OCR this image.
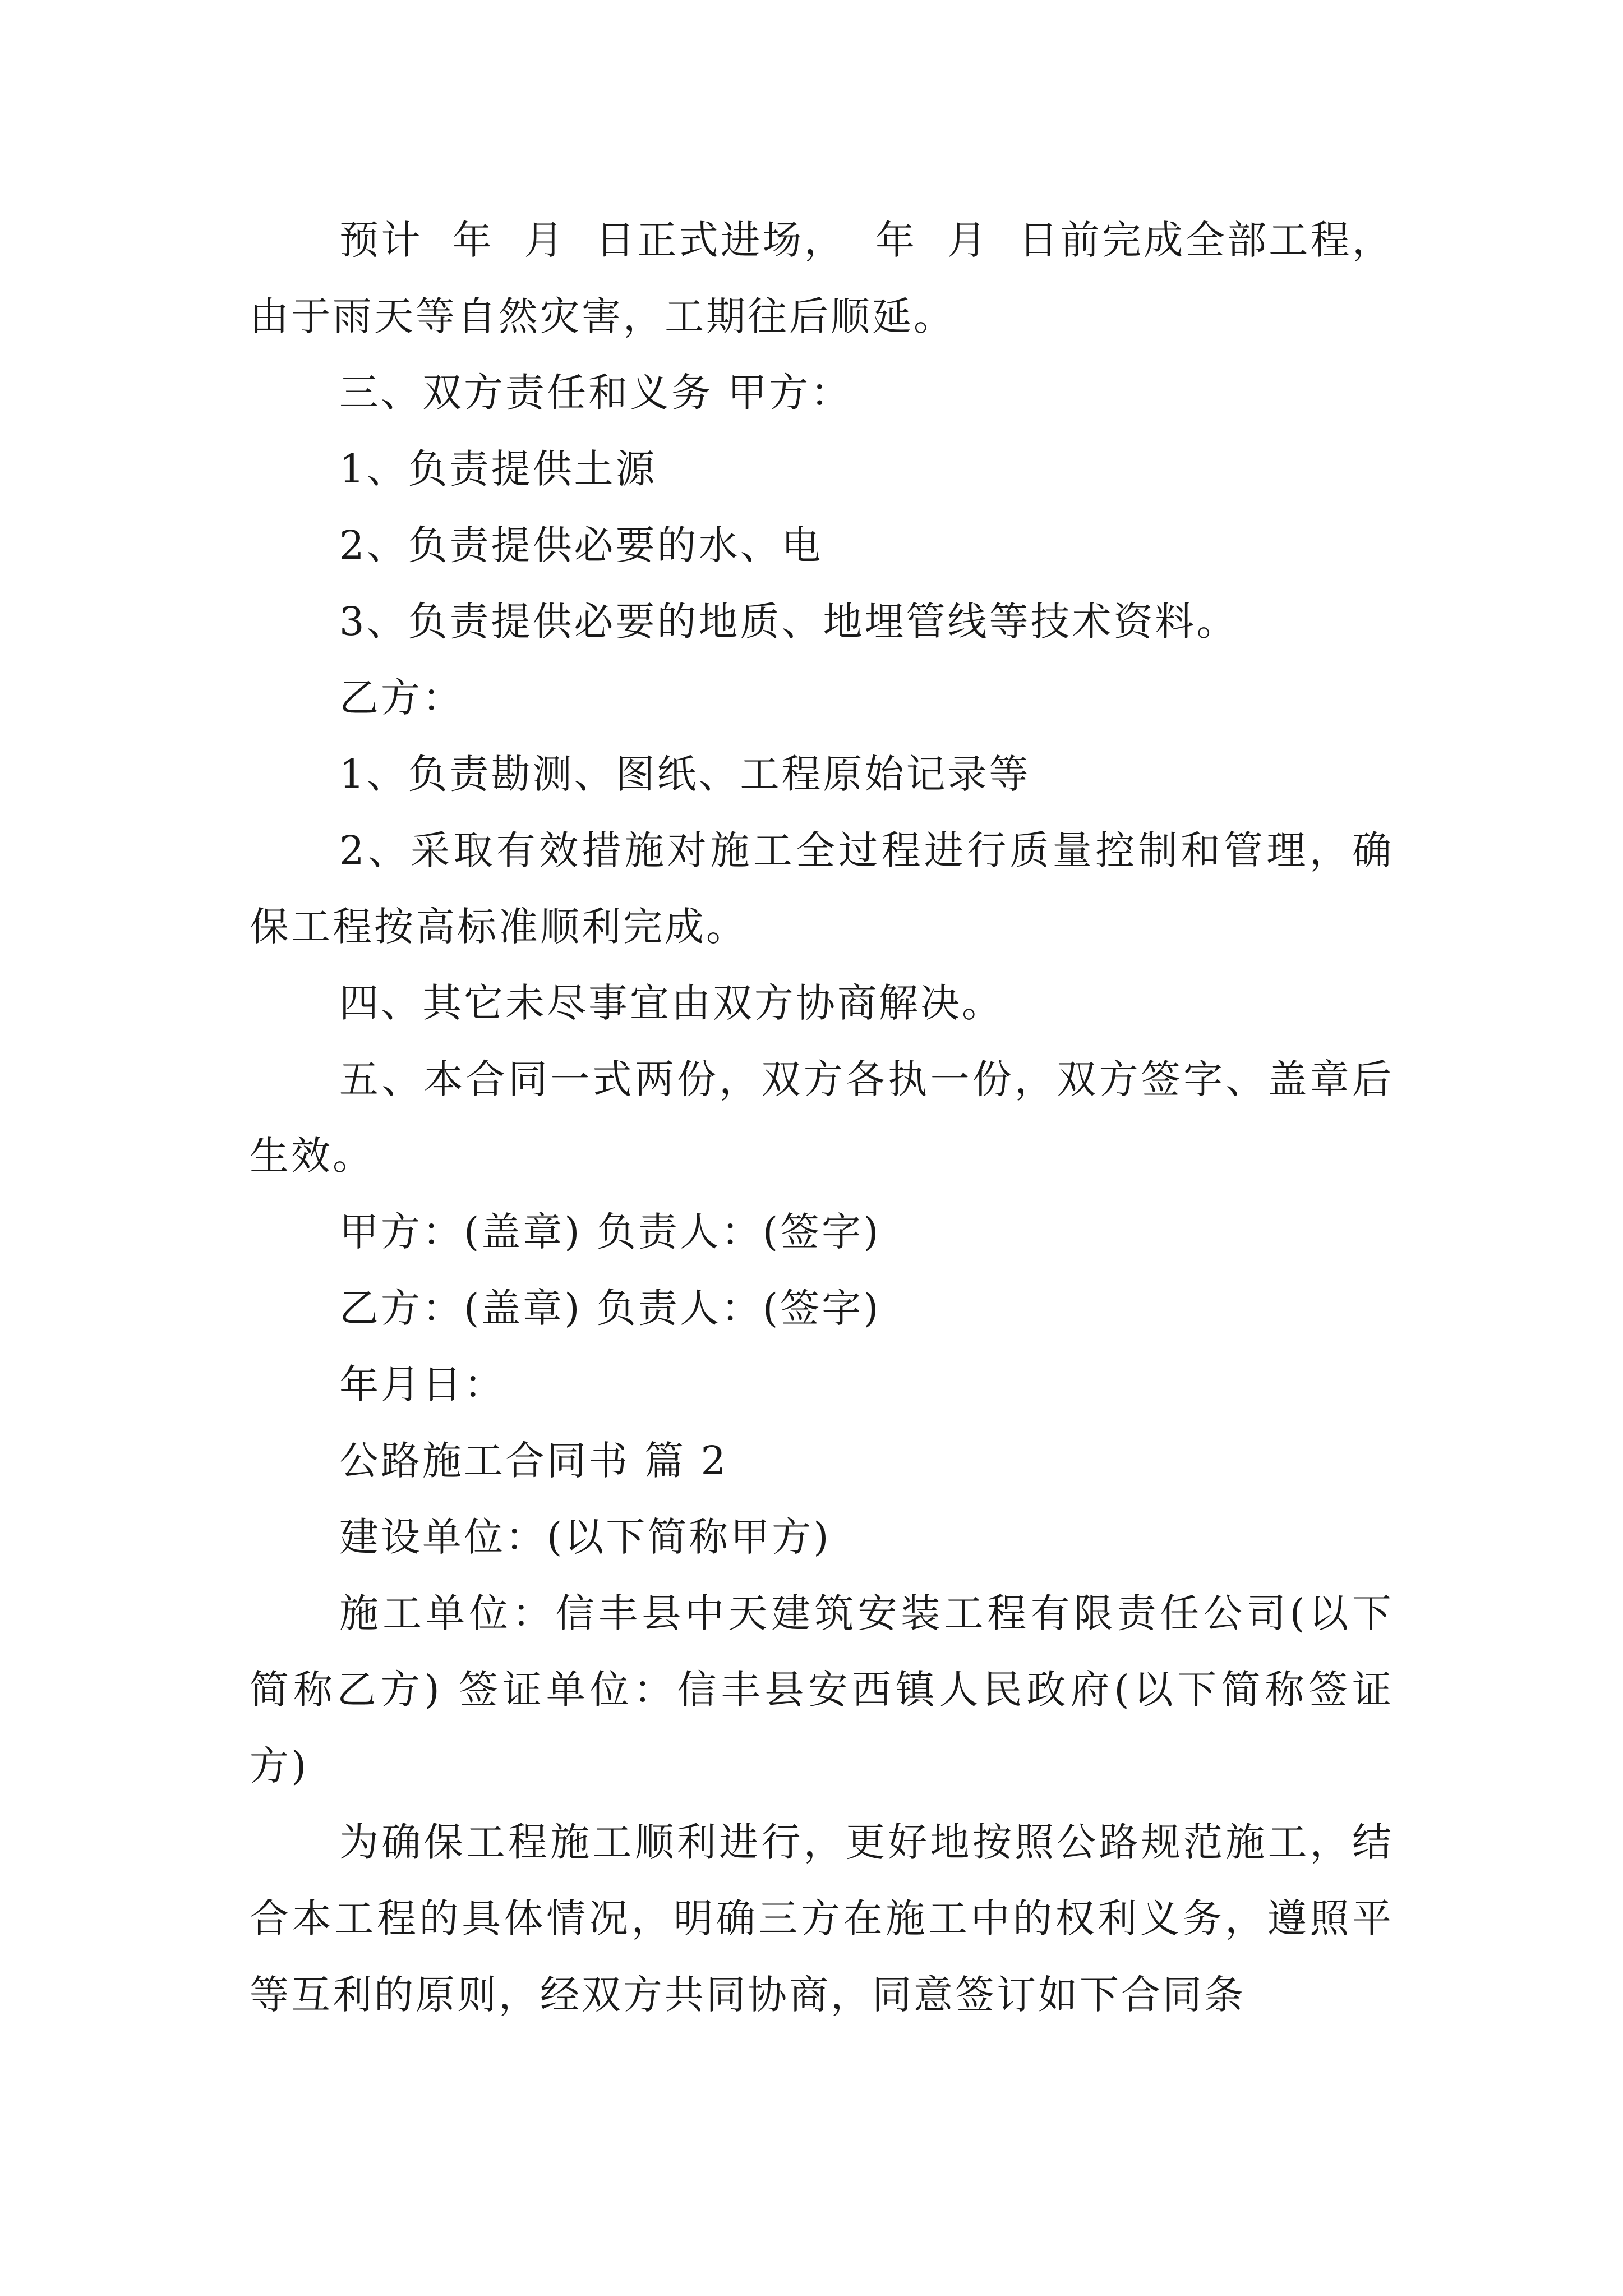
预计  年  月  日正式进场，  年  月  日前完成全部工程，由于雨天等自然灾害，工期往后顺延。

三、双方责任和义务 甲方：

1、负责提供土源

2、负责提供必要的水、电

3、负责提供必要的地质、地埋管线等技术资料。

乙方：

1、负责勘测、图纸、工程原始记录等

2、采取有效措施对施工全过程进行质量控制和管理，确保工程按高标准顺利完成。

四、其它未尽事宜由双方协商解决。

五、本合同一式两份，双方各执一份，双方签字、盖章后生效。

甲方：(盖章) 负责人：(签字)

乙方：(盖章) 负责人：(签字)

年月日：

公路施工合同书 篇 2

建设单位：(以下简称甲方)

施工单位：信丰县中天建筑安装工程有限责任公司(以下简称乙方) 签证单位：信丰县安西镇人民政府(以下简称签证方)

为确保工程施工顺利进行，更好地按照公路规范施工，结合本工程的具体情况，明确三方在施工中的权利义务，遵照平等互利的原则，经双方共同协商，同意签订如下合同条
